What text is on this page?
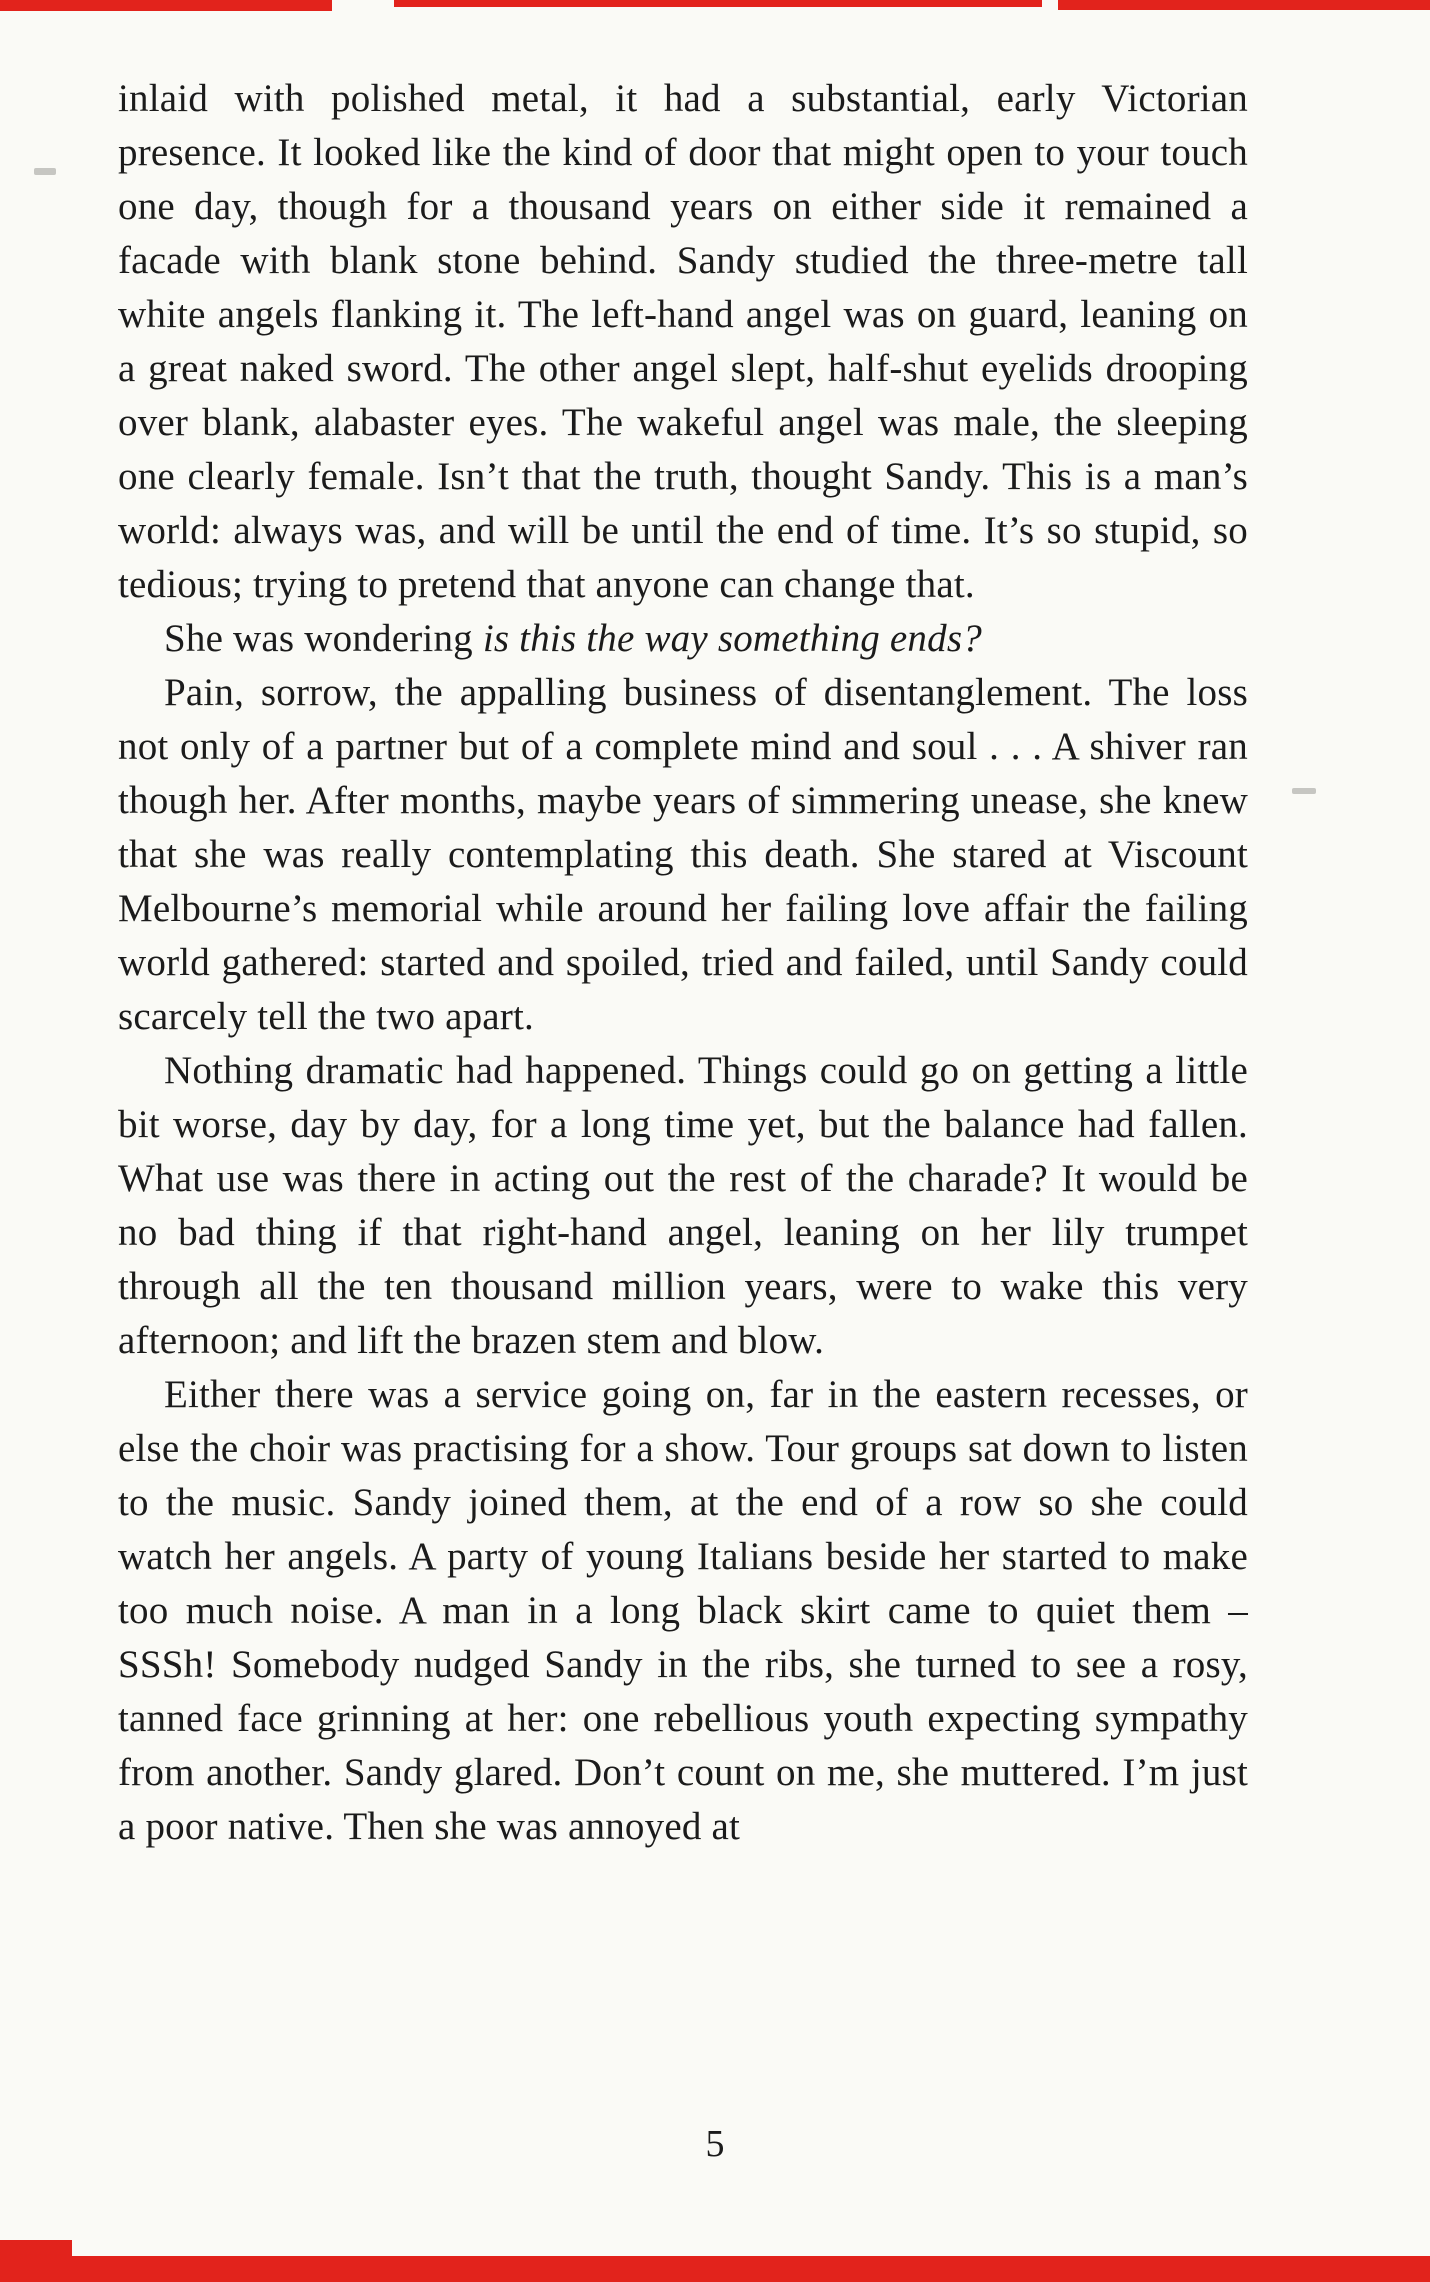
inlaid with polished metal, it had a substantial, early Victorian presence. It looked like the kind of door that might open to your touch one day, though for a thousand years on either side it remained a facade with blank stone behind. Sandy studied the three-metre tall white angels flanking it. The left-hand angel was on guard, leaning on a great naked sword. The other angel slept, half-shut eyelids drooping over blank, alabaster eyes. The wakeful angel was male, the sleeping one clearly female. Isn’t that the truth, thought Sandy. This is a man’s world: always was, and will be until the end of time. It’s so stupid, so tedious; trying to pretend that anyone can change that.

She was wondering is this the way something ends?

Pain, sorrow, the appalling business of disentanglement. The loss not only of a partner but of a complete mind and soul . . . A shiver ran though her. After months, maybe years of simmering unease, she knew that she was really contemplating this death. She stared at Viscount Melbourne’s memorial while around her failing love affair the failing world gathered: started and spoiled, tried and failed, until Sandy could scarcely tell the two apart.

Nothing dramatic had happened. Things could go on getting a little bit worse, day by day, for a long time yet, but the balance had fallen. What use was there in acting out the rest of the charade? It would be no bad thing if that right-hand angel, leaning on her lily trumpet through all the ten thousand million years, were to wake this very afternoon; and lift the brazen stem and blow.

Either there was a service going on, far in the eastern recesses, or else the choir was practising for a show. Tour groups sat down to listen to the music. Sandy joined them, at the end of a row so she could watch her angels. A party of young Italians beside her started to make too much noise. A man in a long black skirt came to quiet them – SSSh! Somebody nudged Sandy in the ribs, she turned to see a rosy, tanned face grinning at her: one rebellious youth expecting sympathy from another. Sandy glared. Don’t count on me, she muttered. I’m just a poor native. Then she was annoyed at

5
